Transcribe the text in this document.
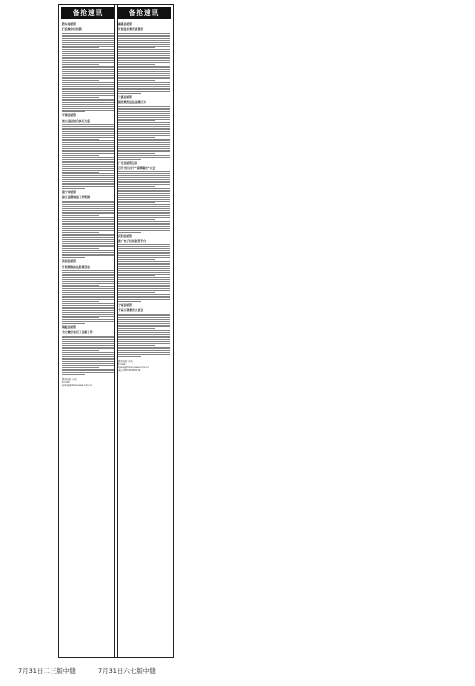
备抢速讯
黔东南昭阳
打造城市扶贫圈
平潭县昭阳
加大违法综合执行力度
惠宁市昭阳
建立违规地面工作机制
黄冈县昭阳
开展网络执法监督活动
铜鼓县昭阳
全力做好农民工讨薪工作
组团编辑 李新
E-mail:
liyang@rblannews.com.cn
备抢速讯
慈溪县昭阳
开展技术教育进课堂
兰溪县昭阳
强化整治违法违规行为
广安县昭阳县区
召开全区首个“黄牌曝光”大会
庆阳县昭阳
推广电子扶贫监管平台
宁南县昭阳
千家万项教育大讲会
组团编辑 李新
E-mail:
liyang@cdun.news.com.cn
电话:010-67820176
7月31日二三版中缝	7月31日六七版中缝
